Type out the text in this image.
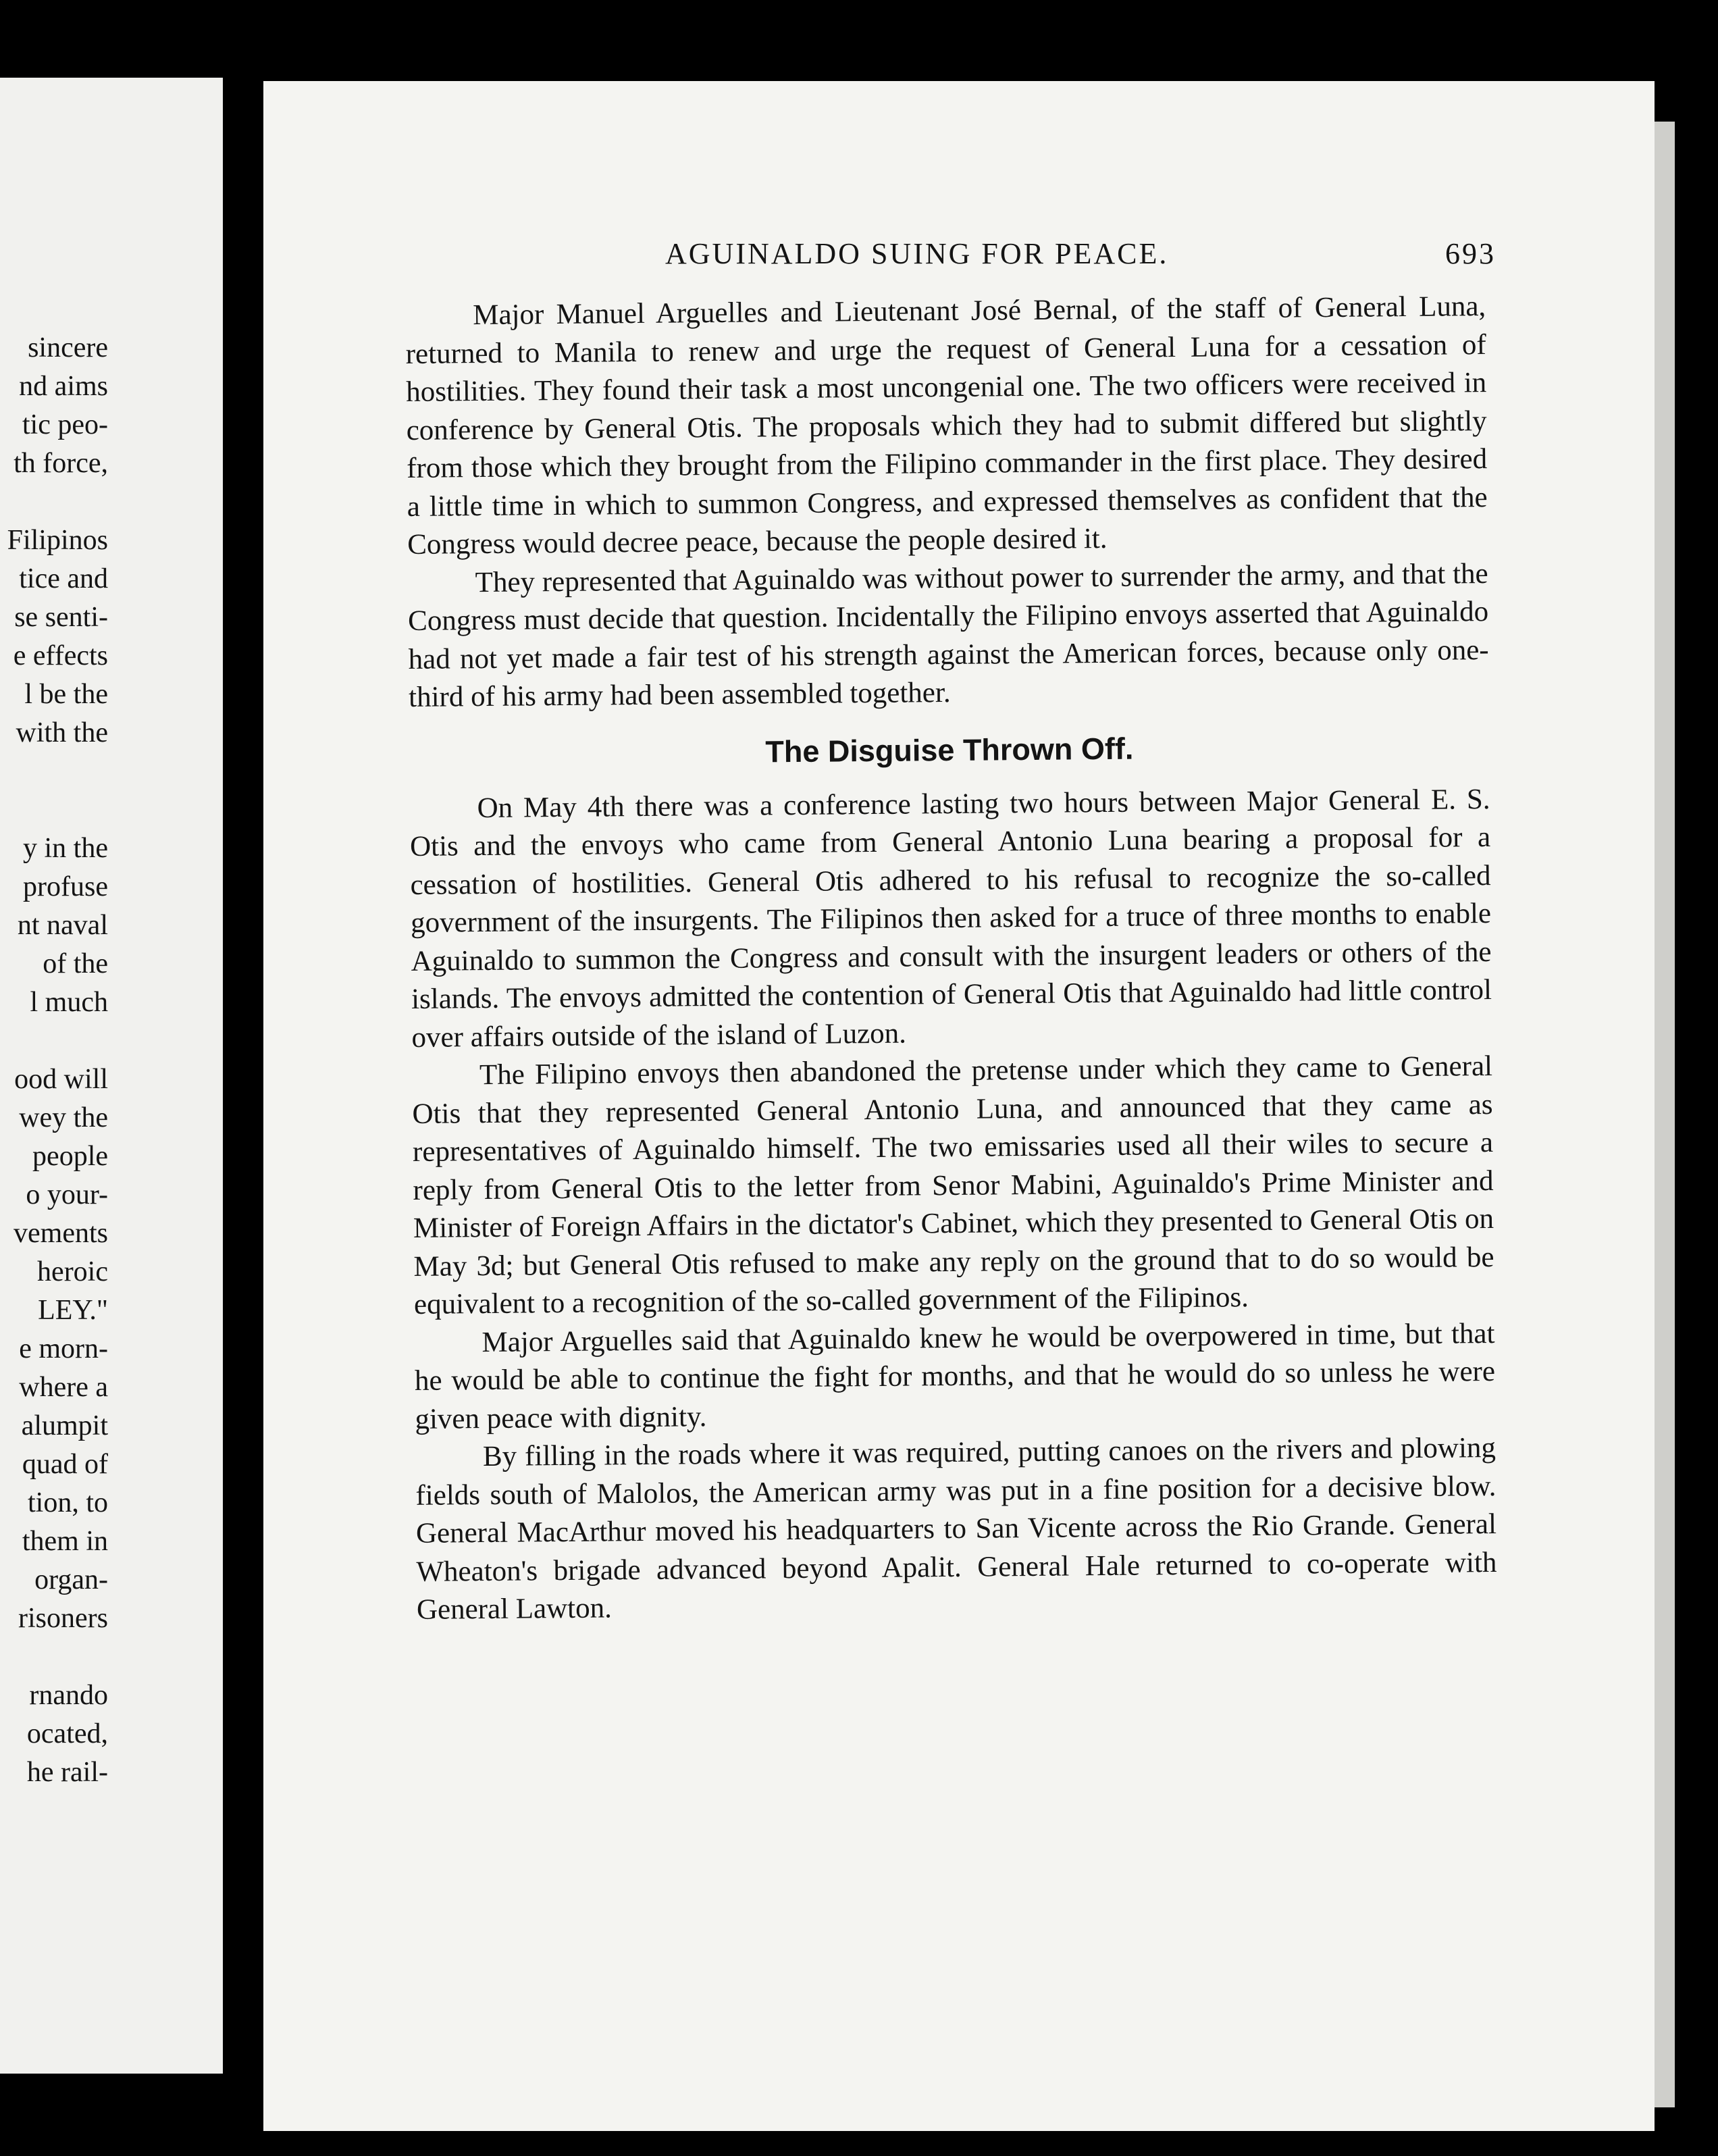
sincere
nd aims
tic peo-
th force,
Filipinos
tice and
se senti-
e effects
l be the
with the
y in the
profuse
nt naval
of the
l much
ood will
wey the
people
o your-
vements
heroic
LEY."
e morn-
where a
alumpit
quad of
tion, to
them in
organ-
risoners
rnando
ocated,
he rail-
AGUINALDO SUING FOR PEACE.	693

Major Manuel Arguelles and Lieutenant José Bernal, of the staff of General Luna, returned to Manila to renew and urge the request of General Luna for a cessation of hostilities. They found their task a most uncongenial one. The two officers were received in conference by General Otis. The proposals which they had to submit differed but slightly from those which they brought from the Filipino commander in the first place. They desired a little time in which to summon Congress, and expressed themselves as confident that the Congress would decree peace, because the people desired it.

They represented that Aguinaldo was without power to surrender the army, and that the Congress must decide that question. Incidentally the Filipino envoys asserted that Aguinaldo had not yet made a fair test of his strength against the American forces, because only one-third of his army had been assembled together.

The Disguise Thrown Off.

On May 4th there was a conference lasting two hours between Major General E. S. Otis and the envoys who came from General Antonio Luna bearing a proposal for a cessation of hostilities. General Otis adhered to his refusal to recognize the so-called government of the insurgents. The Filipinos then asked for a truce of three months to enable Aguinaldo to summon the Congress and consult with the insurgent leaders or others of the islands. The envoys admitted the contention of General Otis that Aguinaldo had little control over affairs outside of the island of Luzon.

The Filipino envoys then abandoned the pretense under which they came to General Otis that they represented General Antonio Luna, and announced that they came as representatives of Aguinaldo himself. The two emissaries used all their wiles to secure a reply from General Otis to the letter from Senor Mabini, Aguinaldo's Prime Minister and Minister of Foreign Affairs in the dictator's Cabinet, which they presented to General Otis on May 3d; but General Otis refused to make any reply on the ground that to do so would be equivalent to a recognition of the so-called government of the Filipinos.

Major Arguelles said that Aguinaldo knew he would be overpowered in time, but that he would be able to continue the fight for months, and that he would do so unless he were given peace with dignity.

By filling in the roads where it was required, putting canoes on the rivers and plowing fields south of Malolos, the American army was put in a fine position for a decisive blow. General MacArthur moved his headquarters to San Vicente across the Rio Grande. General Wheaton's brigade advanced beyond Apalit. General Hale returned to co-operate with General Lawton.
